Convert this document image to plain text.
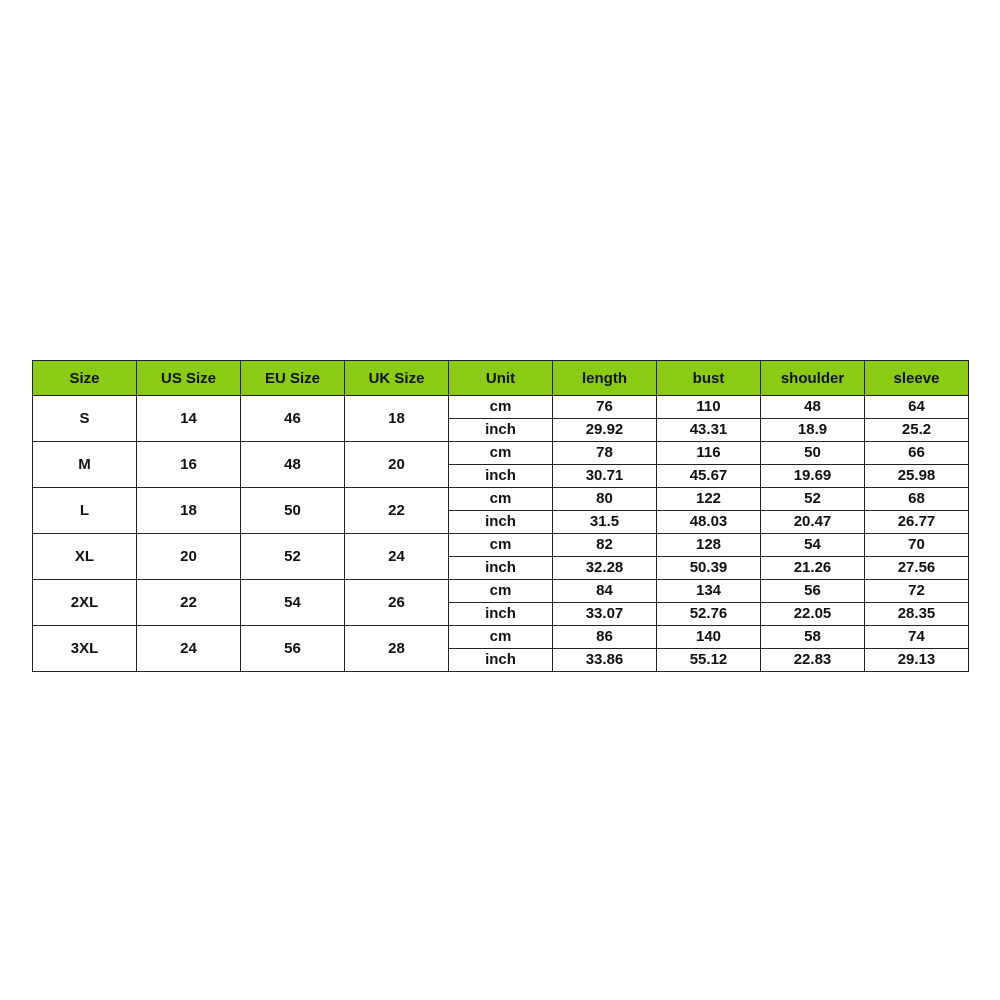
Size	US Size	EU Size	UK Size	Unit	length	bust	shoulder	sleeve
S	14	46	18	cm	76	110	48	64
				inch	29.92	43.31	18.9	25.2
M	16	48	20	cm	78	116	50	66
				inch	30.71	45.67	19.69	25.98
L	18	50	22	cm	80	122	52	68
				inch	31.5	48.03	20.47	26.77
XL	20	52	24	cm	82	128	54	70
				inch	32.28	50.39	21.26	27.56
2XL	22	54	26	cm	84	134	56	72
				inch	33.07	52.76	22.05	28.35
3XL	24	56	28	cm	86	140	58	74
				inch	33.86	55.12	22.83	29.13
